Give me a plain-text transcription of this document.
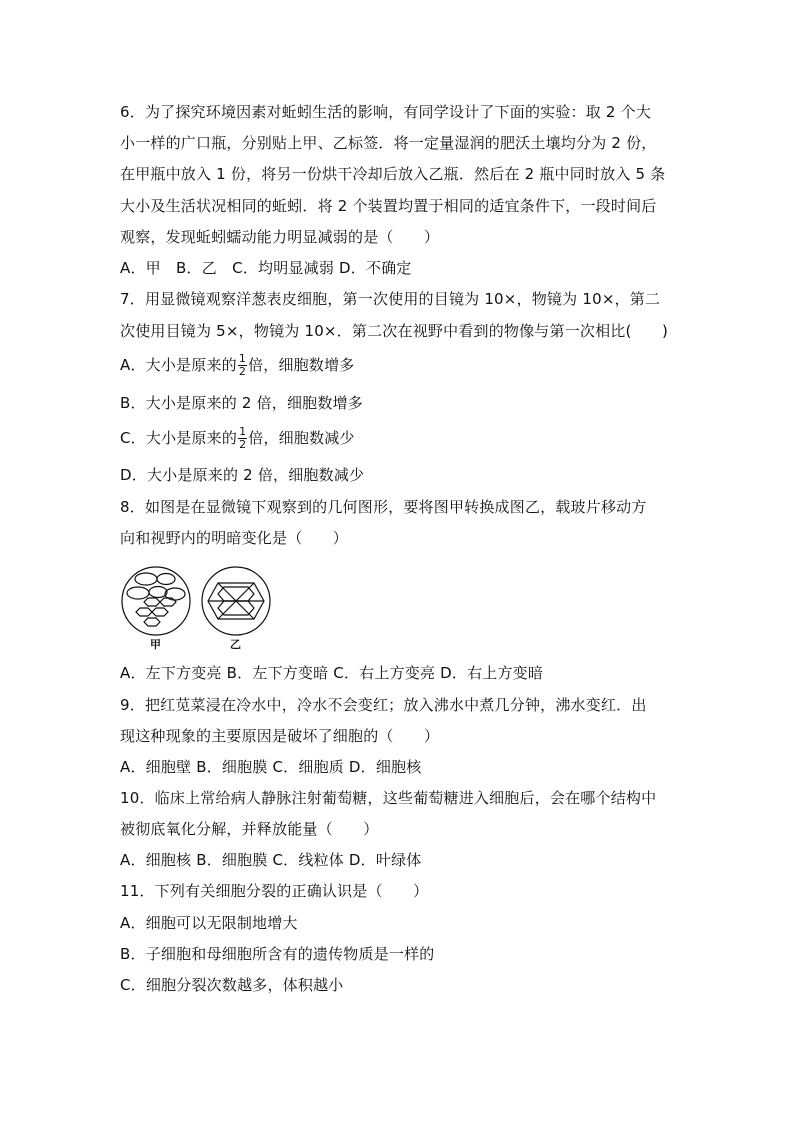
6．为了探究环境因素对蚯蚓生活的影响，有同学设计了下面的实验：取 2 个大
小一样的广口瓶，分别贴上甲、乙标签．将一定量湿润的肥沃土壤均分为 2 份，
在甲瓶中放入 1 份，将另一份烘干冷却后放入乙瓶．然后在 2 瓶中同时放入 5 条
大小及生活状况相同的蚯蚓．将 2 个装置均置于相同的适宜条件下，一段时间后
观察，发现蚯蚓蠕动能力明显减弱的是（　　）
A．甲　B．乙　C．均明显减弱 D．不确定
7．用显微镜观察洋葱表皮细胞，第一次使用的目镜为 10×，物镜为 10×，第二
次使用目镜为 5×，物镜为 10×．第二次在视野中看到的物像与第一次相比(　　)
A．大小是原来的 $\frac{1}{2}$ 倍，细胞数增多
B．大小是原来的 2 倍，细胞数增多
C．大小是原来的 $\frac{1}{2}$ 倍，细胞数减少
D．大小是原来的 2 倍，细胞数减少
8．如图是在显微镜下观察到的几何图形，要将图甲转换成图乙，载玻片移动方
向和视野内的明暗变化是（　　）
甲	乙
A．左下方变亮 B．左下方变暗 C．右上方变亮 D．右上方变暗
9．把红苋菜浸在冷水中，冷水不会变红；放入沸水中煮几分钟，沸水变红．出
现这种现象的主要原因是破坏了细胞的（　　）
A．细胞壁 B．细胞膜 C．细胞质 D．细胞核
10．临床上常给病人静脉注射葡萄糖，这些葡萄糖进入细胞后，会在哪个结构中
被彻底氧化分解，并释放能量（　　）
A．细胞核 B．细胞膜 C．线粒体 D．叶绿体
11．下列有关细胞分裂的正确认识是（　　）
A．细胞可以无限制地增大
B．子细胞和母细胞所含有的遗传物质是一样的
C．细胞分裂次数越多，体积越小
